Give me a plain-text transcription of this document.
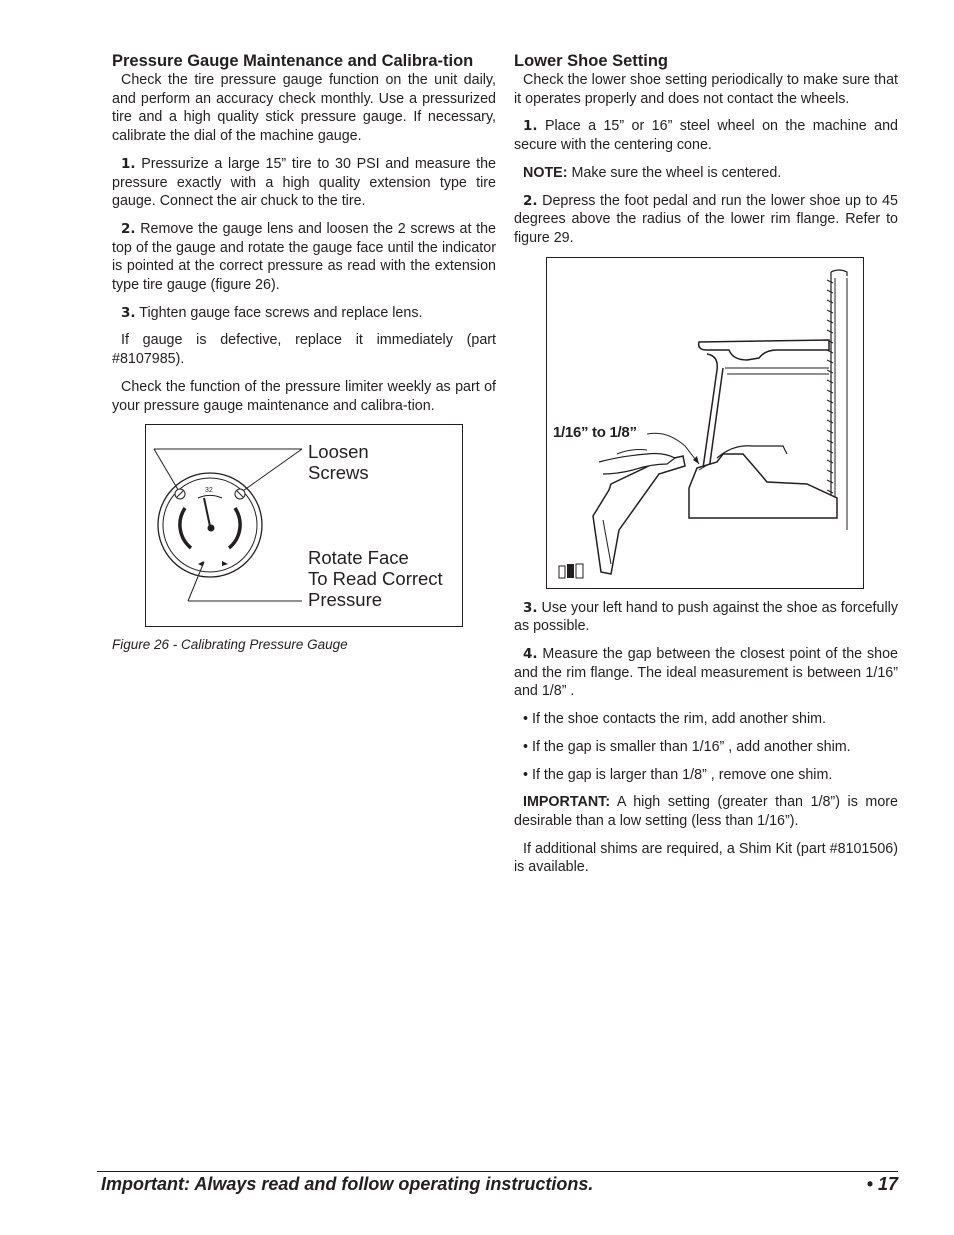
Pressure Gauge Maintenance and Calibra-tion

Check the tire pressure gauge function on the unit daily, and perform an accuracy check monthly. Use a pressurized tire and a high quality stick pressure gauge. If necessary, calibrate the dial of the machine gauge.

1. Pressurize a large 15” tire to 30 PSI and measure the pressure exactly with a high quality extension type tire gauge. Connect the air chuck to the tire.

2. Remove the gauge lens and loosen the 2 screws at the top of the gauge and rotate the gauge face until the indicator is pointed at the correct pressure as read with the extension type tire gauge (figure 26).

3. Tighten gauge face screws and replace lens.

If gauge is defective, replace it immediately (part #8107985).

Check the function of the pressure limiter weekly as part of your pressure gauge maintenance and calibra-tion.

32
Loosen
Screws
Rotate Face
To Read Correct
Pressure
Figure 26 - Calibrating Pressure Gauge
Lower Shoe Setting

Check the lower shoe setting periodically to make sure that it operates properly and does not contact the wheels.

1. Place a 15” or 16” steel wheel on the machine and secure with the centering cone.

NOTE: Make sure the wheel is centered.

2. Depress the foot pedal and run the lower shoe up to 45 degrees above the radius of the lower rim flange. Refer to figure 29.

1/16” to 1/8”

3. Use your left hand to push against the shoe as forcefully as possible.

4. Measure the gap between the closest point of the shoe and the rim flange. The ideal measurement is between 1/16” and 1/8” .

• If the shoe contacts the rim, add another shim.

• If the gap is smaller than 1/16” , add another shim.

• If the gap is larger than 1/8” , remove one shim.

IMPORTANT: A high setting (greater than 1/8”) is more desirable than a low setting (less than 1/16”).

If additional shims are required, a Shim Kit (part #8101506) is available.

Important: Always read and follow operating instructions.	• 17
